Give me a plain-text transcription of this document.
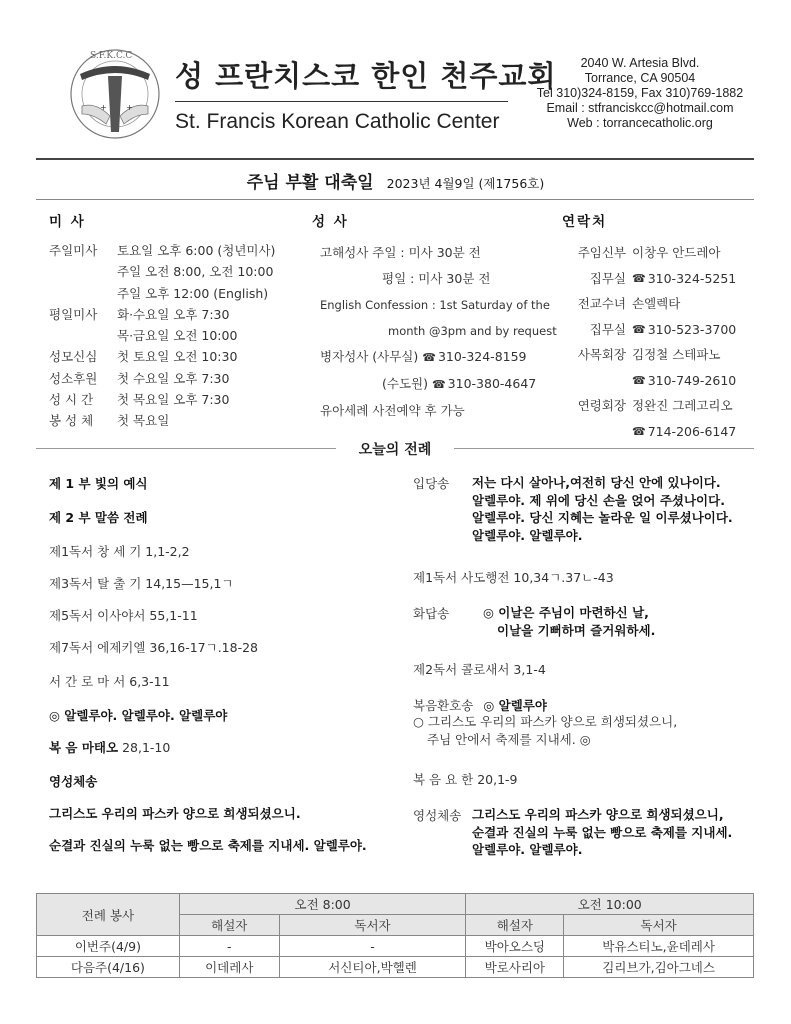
+ +
S.F.K.C.C
성 프란치스코 한인 천주교회
St. Francis Korean Catholic Center
2040 W. Artesia Blvd.
Torrance, CA 90504
Tel 310)324-8159, Fax 310)769-1882
Email : stfranciskcc@hotmail.com
Web : torrancecatholic.org
주님 부활 대축일 2023년 4월9일 (제1756호)
미 사
주일미사	토요일 오후 6:00 (청년미사)
주일 오전 8:00, 오전 10:00
주일 오후 12:00 (English)
평일미사	화·수요일 오후 7:30
목·금요일 오전 10:00
성모신심	첫 토요일 오전 10:30
성소후원	첫 수요일 오후 7:30
성 시 간	첫 목요일 오후 7:30
봉 성 체	첫 목요일
성 사
고해성사 주일 : 미사 30분 전
평일 : 미사 30분 전
English Confession : 1st Saturday of the
month @3pm and by request
병자성사 (사무실) ☎ 310-324-8159
(수도원) ☎ 310-380-4647
유아세례 사전예약 후 가능
연락처
주임신부 이창우 안드레아
집무실 ☎ 310-324-5251
전교수녀 손엘렉타
집무실 ☎ 310-523-3700
사목회장 김정철 스테파노
☎ 310-749-2610
연령회장 정완진 그레고리오
☎ 714-206-6147
오늘의 전례
제 1 부 빛의 예식
제 2 부 말씀 전례
제1독서 창 세 기 1,1-2,2
제3독서 탈 출 기 14,15—15,1ㄱ
제5독서 이사야서 55,1-11
제7독서 에제키엘 36,16-17ㄱ.18-28
서 간 로 마 서 6,3-11
◎ 알렐루야. 알렐루야. 알렐루야
복 음 마태오 28,1-10
영성체송
그리스도 우리의 파스카 양으로 희생되셨으니.
순결과 진실의 누룩 없는 빵으로 축제를 지내세. 알렐루야.
입당송 저는 다시 살아나,여전히 당신 안에 있나이다.
알렐루야. 제 위에 당신 손을 얹어 주셨나이다.
알렐루야. 당신 지혜는 놀라운 일 이루셨나이다.
알렐루야. 알렐루야.
제1독서 사도행전 10,34ㄱ.37ㄴ-43
화답송	◎ 이날은 주님이 마련하신 날,
이날을 기뻐하며 즐거워하세.
제2독서 콜로새서 3,1-4
복음환호송 ◎ 알렐루야
○ 그리스도 우리의 파스카 양으로 희생되셨으니,
주님 안에서 축제를 지내세. ◎
복 음 요 한 20,1-9
영성체송 그리스도 우리의 파스카 양으로 희생되셨으니,
순결과 진실의 누룩 없는 빵으로 축제를 지내세.
알렐루야. 알렐루야.
전례 봉사	오전 8:00		오전 10:00	
	해설자	독서자	해설자	독서자
이번주(4/9)	-	-	박아오스딩	박유스티노,윤데레사
다음주(4/16)	이데레사	서신티아,박헬렌	박로사리아	김리브가,김아그네스
